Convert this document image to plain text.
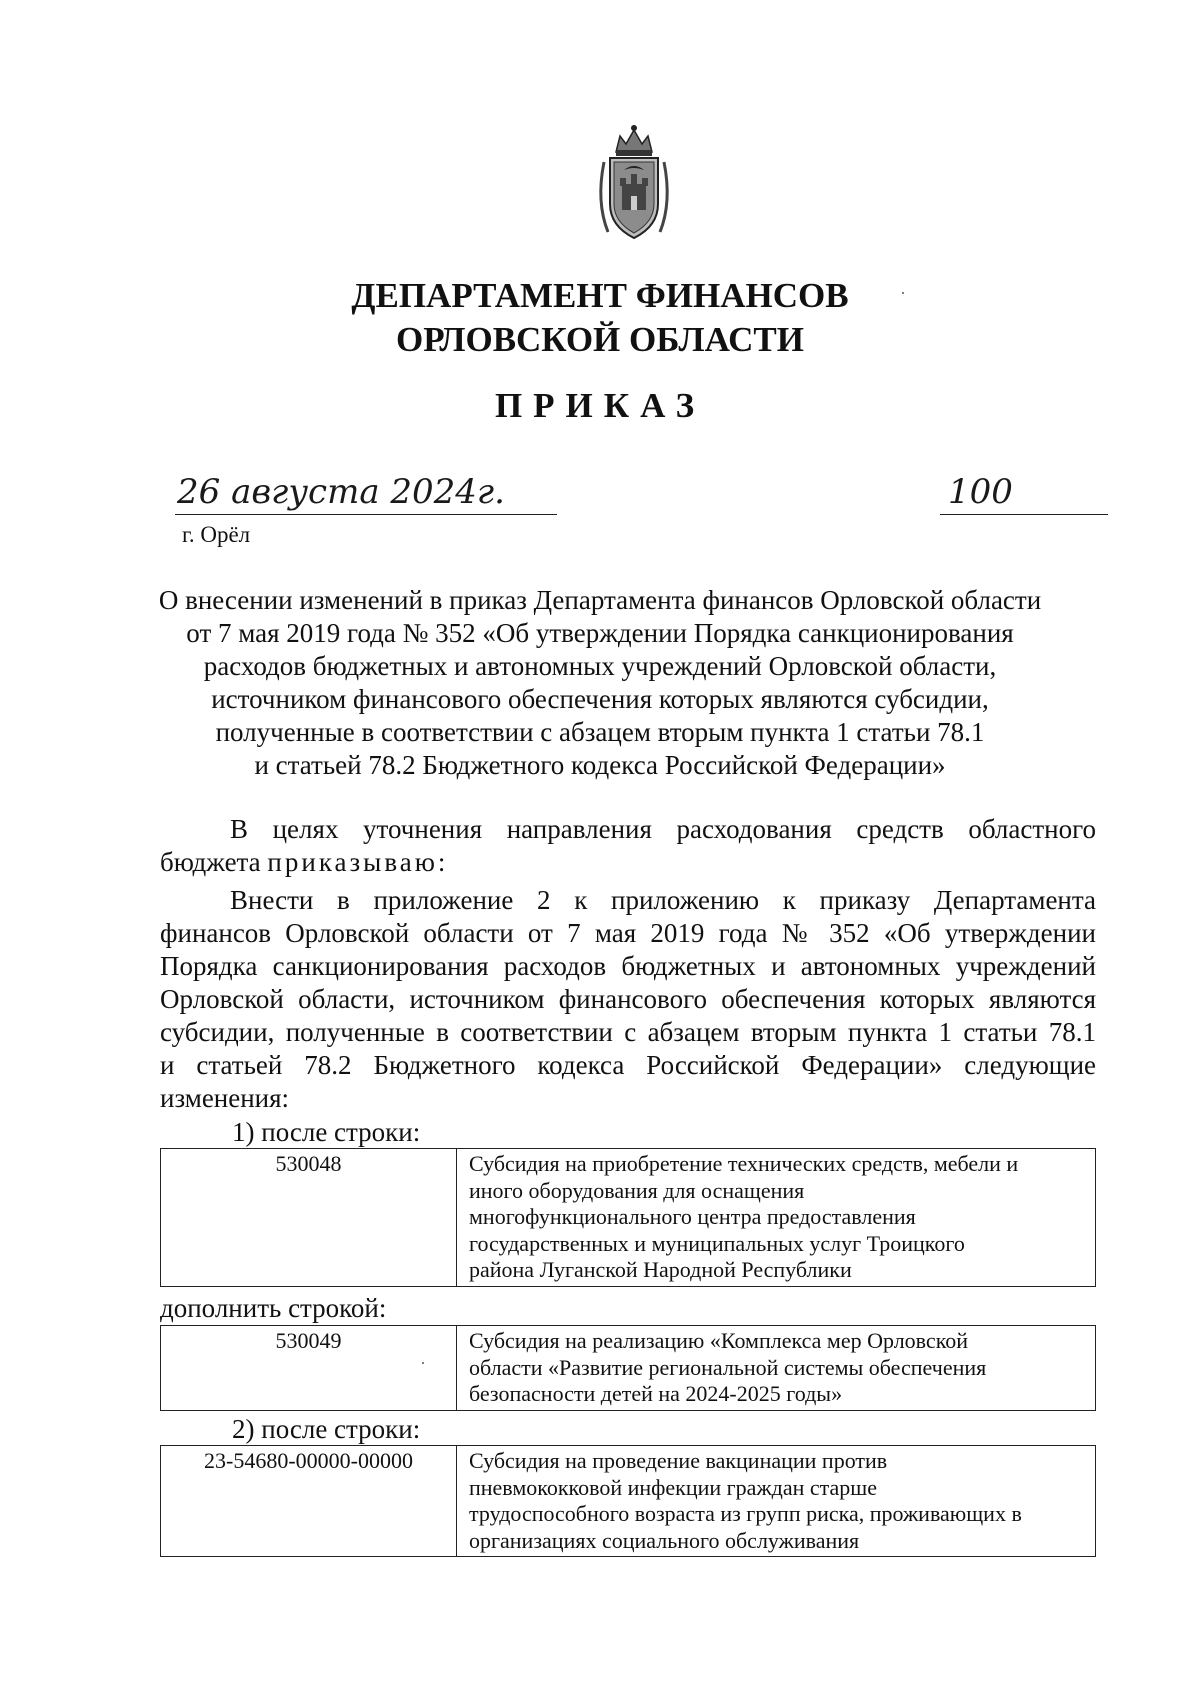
ДЕПАРТАМЕНТ ФИНАНСОВ
ОРЛОВСКОЙ ОБЛАСТИ
ПРИКАЗ
26 августа 2024г.	100
г. Орёл
О внесении изменений в приказ Департамента финансов Орловской области
от 7 мая 2019 года № 352 «Об утверждении Порядка санкционирования
расходов бюджетных и автономных учреждений Орловской области,
источником финансового обеспечения которых являются субсидии,
полученные в соответствии с абзацем вторым пункта 1 статьи 78.1
и статьей 78.2 Бюджетного кодекса Российской Федерации»
В целях уточнения направления расходования средств областного
бюджета приказываю:
Внести в приложение 2 к приложению к приказу Департамента
финансов Орловской области от 7 мая 2019 года № 352 «Об утверждении
Порядка санкционирования расходов бюджетных и автономных учреждений
Орловской области, источником финансового обеспечения которых являются
субсидии, полученные в соответствии с абзацем вторым пункта 1 статьи 78.1
и статьей 78.2 Бюджетного кодекса Российской Федерации» следующие
изменения:
1) после строки:
530048	Субсидия на приобретение технических средств, мебели и
иного оборудования для оснащения
многофункционального центра предоставления
государственных и муниципальных услуг Троицкого
района Луганской Народной Республики
дополнить строкой:
530049	Субсидия на реализацию «Комплекса мер Орловской
области «Развитие региональной системы обеспечения
безопасности детей на 2024-2025 годы»
2) после строки:
23-54680-00000-00000	Субсидия на проведение вакцинации против
пневмококковой инфекции граждан старше
трудоспособного возраста из групп риска, проживающих в
организациях социального обслуживания
